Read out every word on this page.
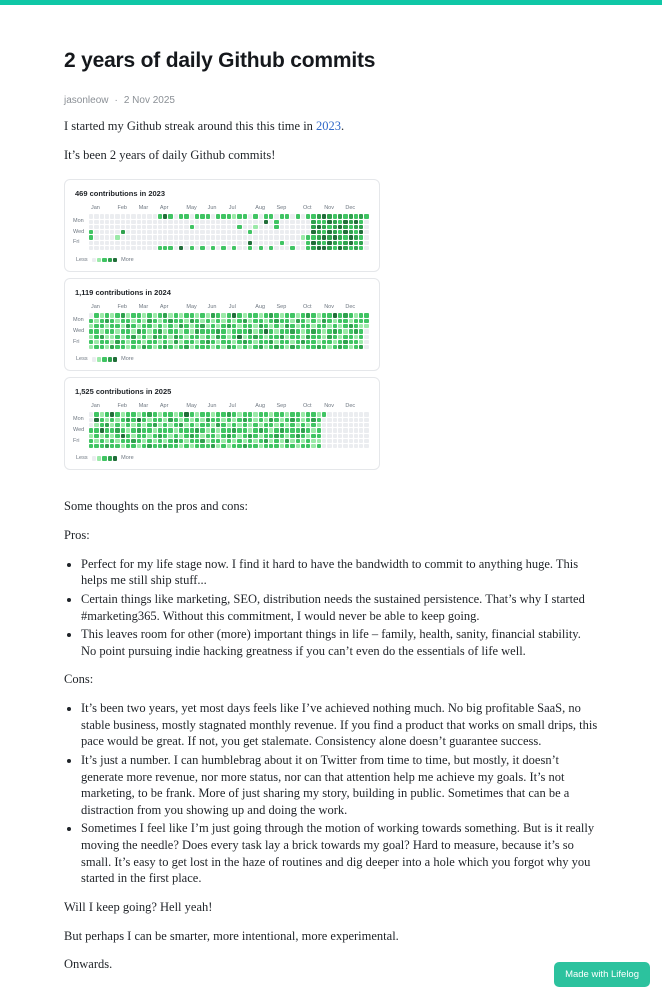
2 years of daily Github commits
jasonleow · 2 Nov 2025

I started my Github streak around this this time in 2023.

It’s been 2 years of daily Github commits!

469 contributions in 2023
Jan	Feb Mar Apr	May Jun Jul	Aug Sep	Oct Nov Dec
Mon
Wed
Fri
Less	More
1,119 contributions in 2024
Jan	Feb Mar Apr	May Jun Jul	Aug Sep	Oct Nov Dec
Mon
Wed
Fri
Less	More
1,525 contributions in 2025
Jan	Feb Mar Apr	May Jun Jul	Aug Sep	Oct Nov Dec
Mon
Wed
Fri
Less	More

Some thoughts on the pros and cons:

Pros:

• Perfect for my life stage now. I find it hard to have the bandwidth to commit to anything huge. This helps me still ship stuff...
• Certain things like marketing, SEO, distribution needs the sustained persistence. That’s why I started #marketing365. Without this commitment, I would never be able to keep going.
• This leaves room for other (more) important things in life – family, health, sanity, financial stability. No point pursuing indie hacking greatness if you can’t even do the essentials of life well.

Cons:

• It’s been two years, yet most days feels like I’ve achieved nothing much. No big profitable SaaS, no stable business, mostly stagnated monthly revenue. If you find a product that works on small drips, this pace would be great. If not, you get stalemate. Consistency alone doesn’t guarantee success.
• It’s just a number. I can humblebrag about it on Twitter from time to time, but mostly, it doesn’t generate more revenue, nor more status, nor can that attention help me achieve my goals. It’s not marketing, to be frank. More of just sharing my story, building in public. Sometimes that can be a distraction from you showing up and doing the work.
• Sometimes I feel like I’m just going through the motion of working towards something. But is it really moving the needle? Does every task lay a brick towards my goal? Hard to measure, because it’s so small. It’s easy to get lost in the haze of routines and dig deeper into a hole which you forgot why you started in the first place.

Will I keep going? Hell yeah!

But perhaps I can be smarter, more intentional, more experimental.

Onwards.

Made with Lifelog
